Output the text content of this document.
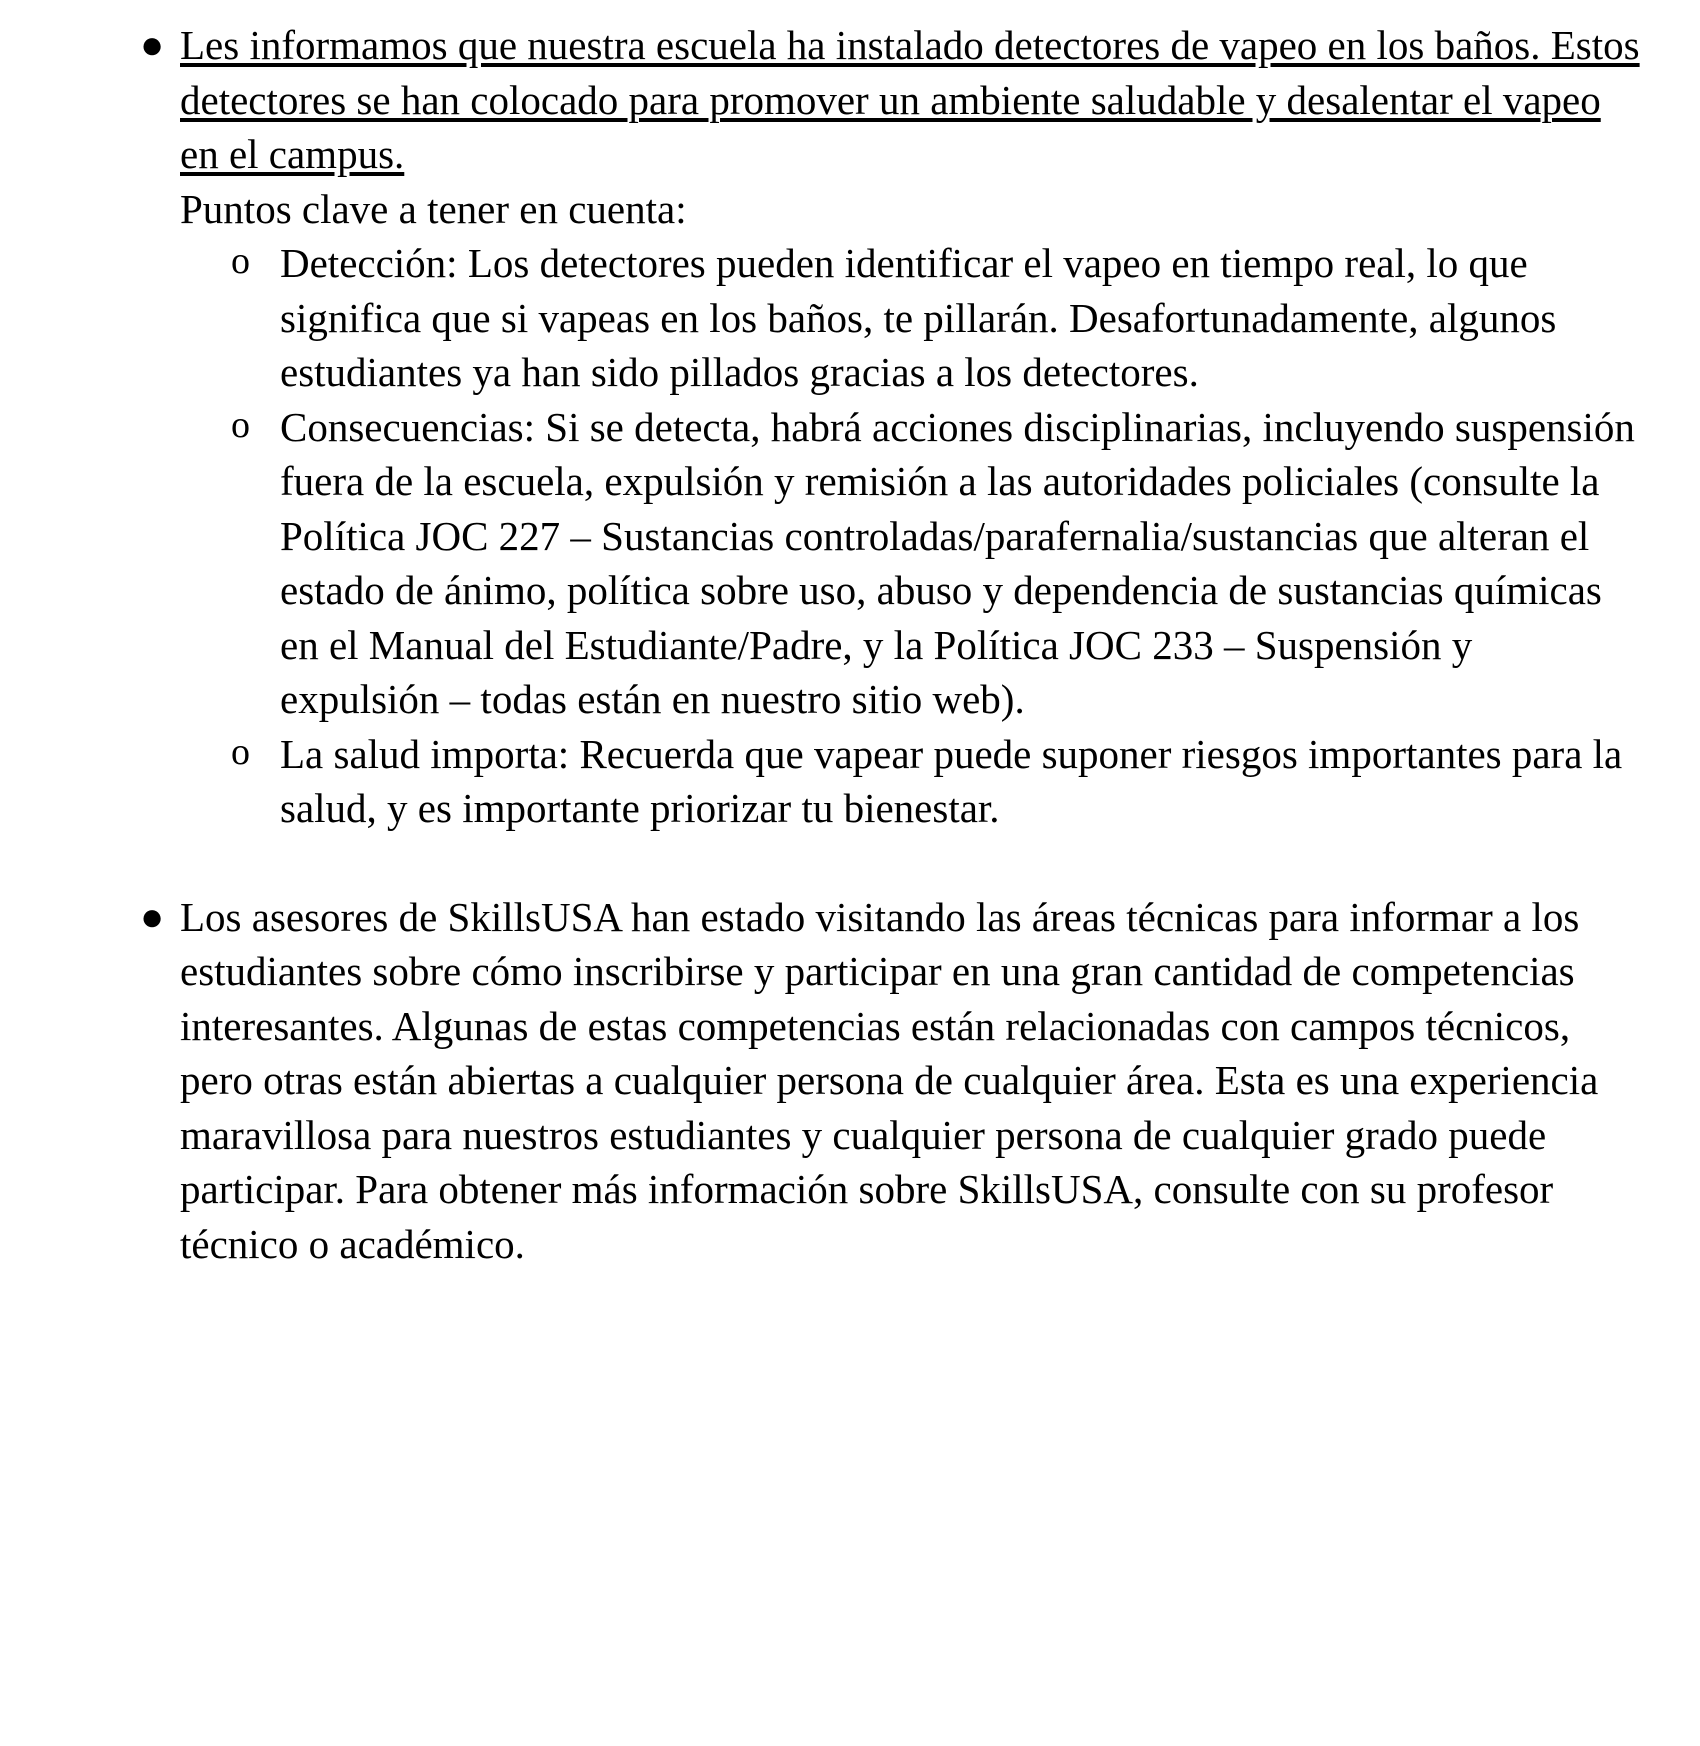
● Les informamos que nuestra escuela ha instalado detectores de vapeo en los baños. Estos detectores se han colocado para promover un ambiente saludable y desalentar el vapeo en el campus.

Puntos clave a tener en cuenta:

o Detección: Los detectores pueden identificar el vapeo en tiempo real, lo que significa que si vapeas en los baños, te pillarán. Desafortunadamente, algunos estudiantes ya han sido pillados gracias a los detectores.

o Consecuencias: Si se detecta, habrá acciones disciplinarias, incluyendo suspensión fuera de la escuela, expulsión y remisión a las autoridades policiales (consulte la Política JOC 227 – Sustancias controladas/parafernalia/sustancias que alteran el estado de ánimo, política sobre uso, abuso y dependencia de sustancias químicas en el Manual del Estudiante/Padre, y la Política JOC 233 – Suspensión y expulsión – todas están en nuestro sitio web).

o La salud importa: Recuerda que vapear puede suponer riesgos importantes para la salud, y es importante priorizar tu bienestar.

● Los asesores de SkillsUSA han estado visitando las áreas técnicas para informar a los estudiantes sobre cómo inscribirse y participar en una gran cantidad de competencias interesantes. Algunas de estas competencias están relacionadas con campos técnicos, pero otras están abiertas a cualquier persona de cualquier área. Esta es una experiencia maravillosa para nuestros estudiantes y cualquier persona de cualquier grado puede participar. Para obtener más información sobre SkillsUSA, consulte con su profesor técnico o académico.
